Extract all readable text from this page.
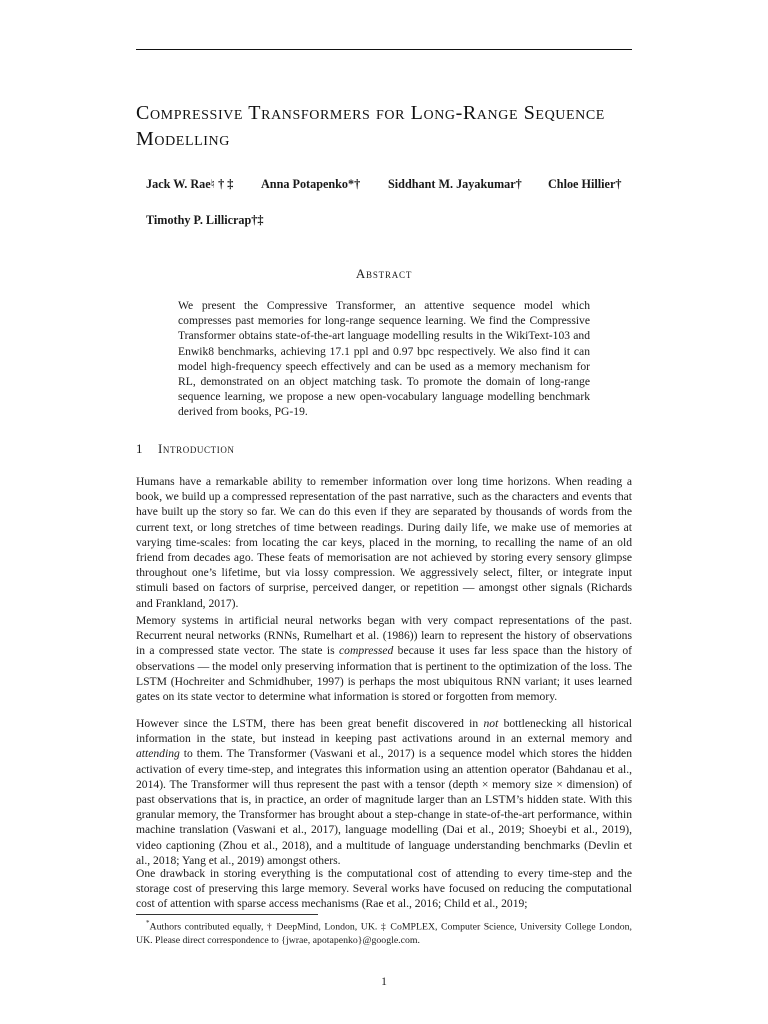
Compressive Transformers for Long-Range Sequence Modelling
Jack W. Rae♮ † ‡ Anna Potapenko*† Siddhant M. Jayakumar† Chloe Hillier†
Timothy P. Lillicrap†‡
Abstract
We present the Compressive Transformer, an attentive sequence model which compresses past memories for long-range sequence learning. We find the Compressive Transformer obtains state-of-the-art language modelling results in the WikiText-103 and Enwik8 benchmarks, achieving 17.1 ppl and 0.97 bpc respectively. We also find it can model high-frequency speech effectively and can be used as a memory mechanism for RL, demonstrated on an object matching task. To promote the domain of long-range sequence learning, we propose a new open-vocabulary language modelling benchmark derived from books, PG-19.
1 Introduction
Humans have a remarkable ability to remember information over long time horizons. When reading a book, we build up a compressed representation of the past narrative, such as the characters and events that have built up the story so far. We can do this even if they are separated by thousands of words from the current text, or long stretches of time between readings. During daily life, we make use of memories at varying time-scales: from locating the car keys, placed in the morning, to recalling the name of an old friend from decades ago. These feats of memorisation are not achieved by storing every sensory glimpse throughout one’s lifetime, but via lossy compression. We aggressively select, filter, or integrate input stimuli based on factors of surprise, perceived danger, or repetition — amongst other signals (Richards and Frankland, 2017).
Memory systems in artificial neural networks began with very compact representations of the past. Recurrent neural networks (RNNs, Rumelhart et al. (1986)) learn to represent the history of observations in a compressed state vector. The state is compressed because it uses far less space than the history of observations — the model only preserving information that is pertinent to the optimization of the loss. The LSTM (Hochreiter and Schmidhuber, 1997) is perhaps the most ubiquitous RNN variant; it uses learned gates on its state vector to determine what information is stored or forgotten from memory.
However since the LSTM, there has been great benefit discovered in not bottlenecking all historical information in the state, but instead in keeping past activations around in an external memory and attending to them. The Transformer (Vaswani et al., 2017) is a sequence model which stores the hidden activation of every time-step, and integrates this information using an attention operator (Bahdanau et al., 2014). The Transformer will thus represent the past with a tensor (depth × memory size × dimension) of past observations that is, in practice, an order of magnitude larger than an LSTM’s hidden state. With this granular memory, the Transformer has brought about a step-change in state-of-the-art performance, within machine translation (Vaswani et al., 2017), language modelling (Dai et al., 2019; Shoeybi et al., 2019), video captioning (Zhou et al., 2018), and a multitude of language understanding benchmarks (Devlin et al., 2018; Yang et al., 2019) amongst others.
One drawback in storing everything is the computational cost of attending to every time-step and the storage cost of preserving this large memory. Several works have focused on reducing the computational cost of attention with sparse access mechanisms (Rae et al., 2016; Child et al., 2019;
*Authors contributed equally, † DeepMind, London, UK. ‡ CoMPLEX, Computer Science, University College London, UK. Please direct correspondence to {jwrae, apotapenko}@google.com.
1
